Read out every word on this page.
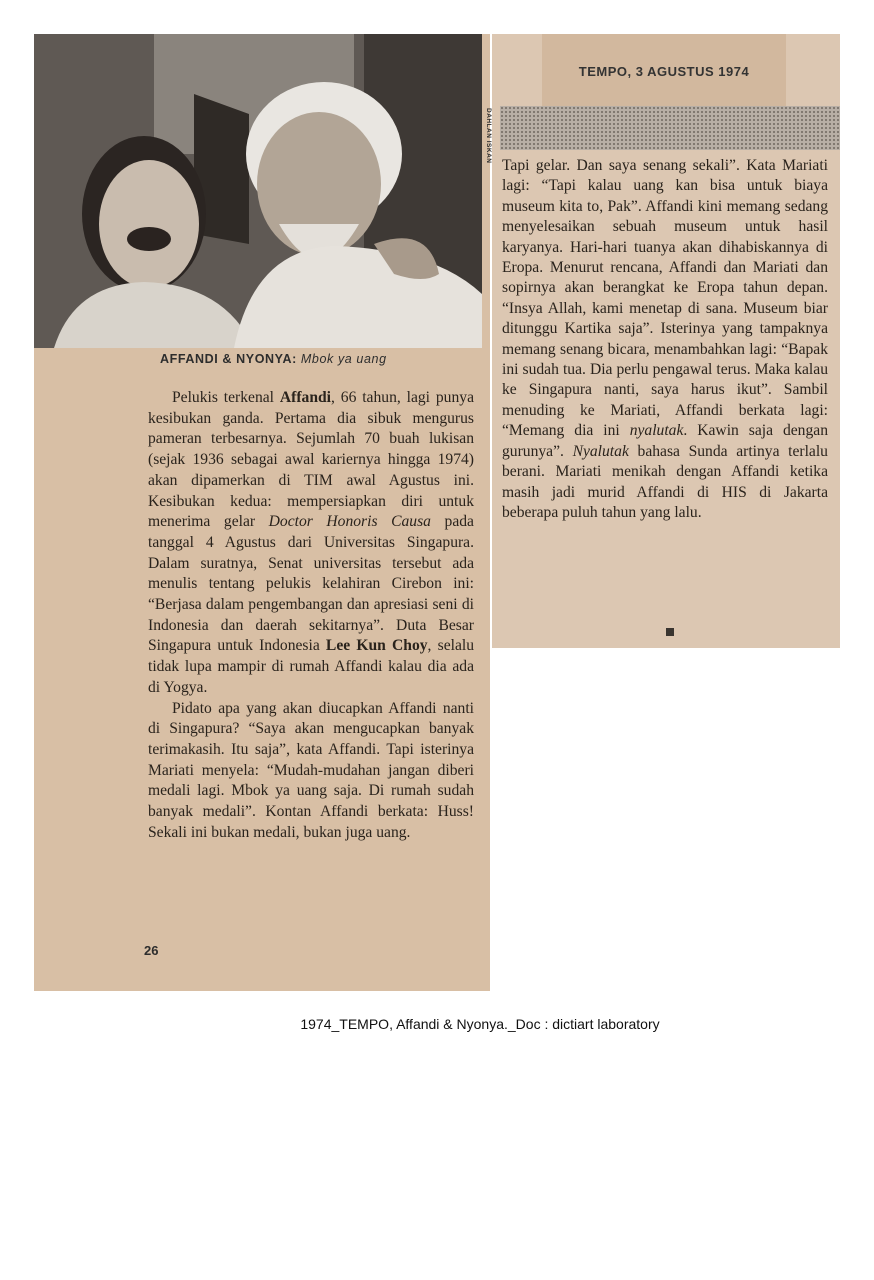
DAHLAN ISKAN
AFFANDI & NYONYA: Mbok ya uang

Pelukis terkenal Affandi, 66 tahun, lagi punya kesibukan ganda. Pertama dia sibuk mengurus pameran terbesarnya. Sejumlah 70 buah lukisan (sejak 1936 sebagai awal kariernya hingga 1974) akan dipamerkan di TIM awal Agustus ini. Kesibukan kedua: mempersiapkan diri untuk menerima gelar Doctor Honoris Causa pada tanggal 4 Agustus dari Universitas Singapura. Dalam suratnya, Senat universitas tersebut ada menulis tentang pelukis kelahiran Cirebon ini: “Berjasa dalam pengembangan dan apresiasi seni di Indonesia dan daerah sekitarnya”. Duta Besar Singapura untuk Indonesia Lee Kun Choy, selalu tidak lupa mampir di rumah Affandi kalau dia ada di Yogya.

Pidato apa yang akan diucapkan Affandi nanti di Singapura? “Saya akan mengucapkan banyak terimakasih. Itu saja”, kata Affandi. Tapi isterinya Mariati menyela: “Mudah-mudahan jangan diberi medali lagi. Mbok ya uang saja. Di rumah sudah banyak medali”. Kontan Affandi berkata: Huss! Sekali ini bukan medali, bukan juga uang.

26
TEMPO, 3 AGUSTUS 1974

Tapi gelar. Dan saya senang sekali”. Kata Mariati lagi: “Tapi kalau uang kan bisa untuk biaya museum kita to, Pak”. Affandi kini memang sedang menyelesaikan sebuah museum untuk hasil karyanya. Hari-hari tuanya akan dihabiskannya di Eropa. Menurut rencana, Affandi dan Mariati dan sopirnya akan berangkat ke Eropa tahun depan. “Insya Allah, kami menetap di sana. Museum biar ditunggu Kartika saja”. Isterinya yang tampaknya memang senang bicara, menambahkan lagi: “Bapak ini sudah tua. Dia perlu pengawal terus. Maka kalau ke Singapura nanti, saya harus ikut”. Sambil menuding ke Mariati, Affandi berkata lagi: “Memang dia ini nyalutak. Kawin saja dengan gurunya”. Nyalutak bahasa Sunda artinya terlalu berani. Mariati menikah dengan Affandi ketika masih jadi murid Affandi di HIS di Jakarta beberapa puluh tahun yang lalu.

1974_TEMPO, Affandi & Nyonya._Doc : dictiart laboratory
